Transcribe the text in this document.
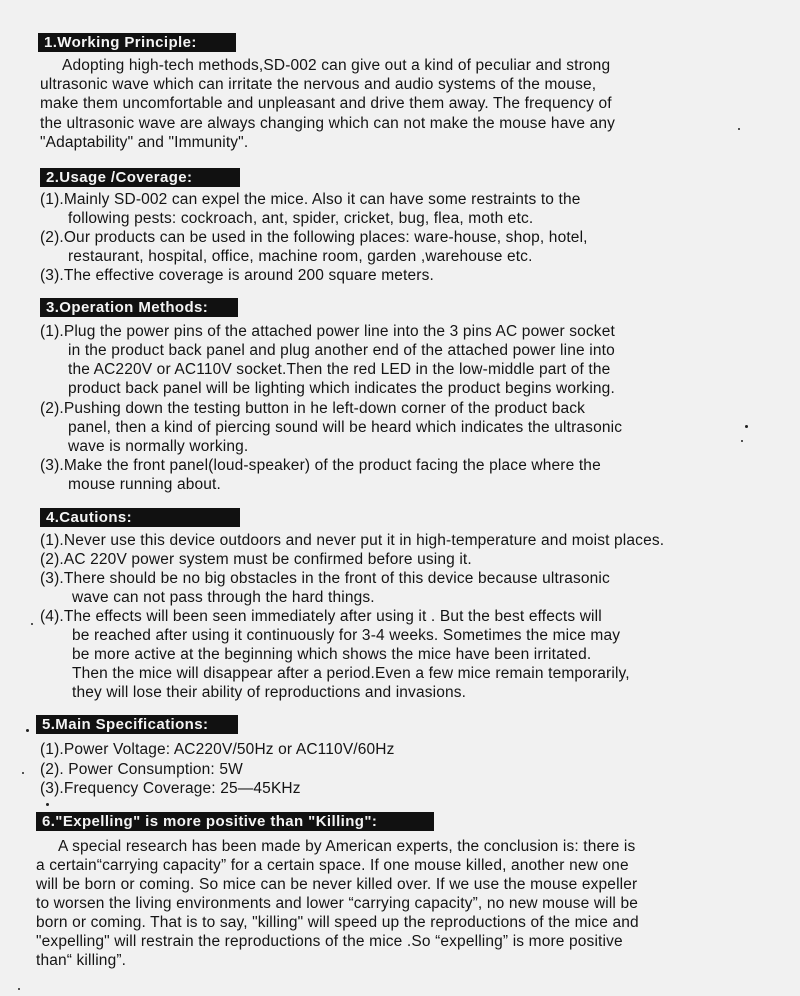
1.Working Principle:
Adopting high-tech methods,SD-002 can give out a kind of peculiar and strong
ultrasonic wave which can irritate the nervous and audio systems of the mouse,
make them uncomfortable and unpleasant and drive them away. The frequency of
the ultrasonic wave are always changing which can not make the mouse have any
"Adaptability" and "Immunity".
2.Usage /Coverage:
(1).Mainly SD-002 can expel the mice. Also it can have some restraints to the
following pests: cockroach, ant, spider, cricket, bug, flea, moth etc.
(2).Our products can be used in the following places: ware-house, shop, hotel,
restaurant, hospital, office, machine room, garden ,warehouse etc.
(3).The effective coverage is around 200 square meters.
3.Operation Methods:
(1).Plug the power pins of the attached power line into the 3 pins AC power socket
in the product back panel and plug another end of the attached power line into
the AC220V or AC110V socket.Then the red LED in the low-middle part of the
product back panel will be lighting which indicates the product begins working.
(2).Pushing down the testing button in he left-down corner of the product back
panel, then a kind of piercing sound will be heard which indicates the ultrasonic
wave is normally working.
(3).Make the front panel(loud-speaker) of the product facing the place where the
mouse running about.
4.Cautions:
(1).Never use this device outdoors and never put it in high-temperature and moist places.
(2).AC 220V power system must be confirmed before using it.
(3).There should be no big obstacles in the front of this device because ultrasonic
wave can not pass through the hard things.
(4).The effects will been seen immediately after using it . But the best effects will
be reached after using it continuously for 3-4 weeks. Sometimes the mice may
be more active at the beginning which shows the mice have been irritated.
Then the mice will disappear after a period.Even a few mice remain temporarily,
they will lose their ability of reproductions and invasions.
5.Main Specifications:
(1).Power Voltage: AC220V/50Hz or AC110V/60Hz
(2). Power Consumption: 5W
(3).Frequency Coverage: 25—45KHz
6."Expelling" is more positive than "Killing":
A special research has been made by American experts, the conclusion is: there is
a certain“carrying capacity” for a certain space. If one mouse killed, another new one
will be born or coming. So mice can be never killed over. If we use the mouse expeller
to worsen the living environments and lower “carrying capacity”, no new mouse will be
born or coming. That is to say, "killing" will speed up the reproductions of the mice and
"expelling" will restrain the reproductions of the mice .So “expelling” is more positive
than“ killing”.
